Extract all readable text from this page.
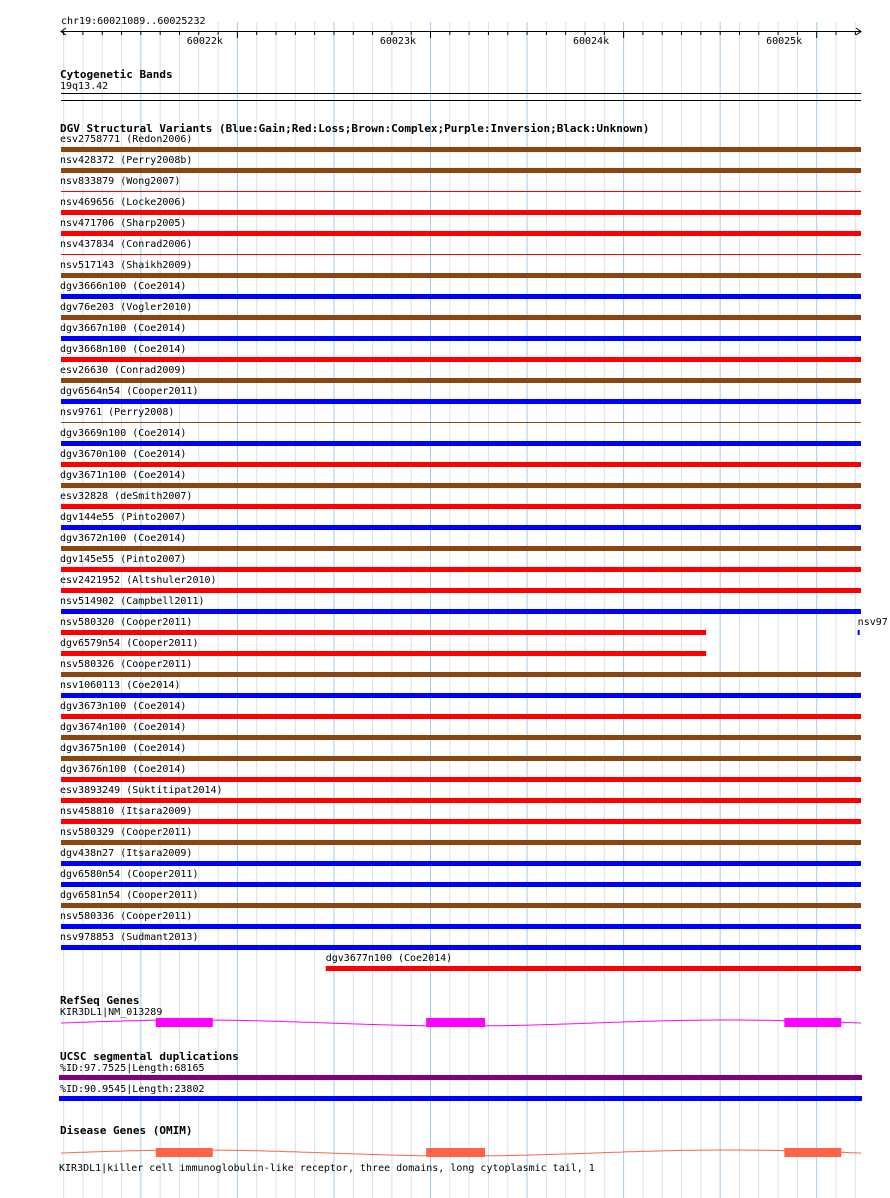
60022k	60023k	60024k	60025k
chr19:60021089..60025232
Cytogenetic Bands
19q13.42
DGV Structural Variants (Blue:Gain;Red:Loss;Brown:Complex;Purple:Inversion;Black:Unknown)
esv2758771 (Redon2006)
nsv428372 (Perry2008b)
nsv833879 (Wong2007)
nsv469656 (Locke2006)
nsv471706 (Sharp2005)
nsv437834 (Conrad2006)
nsv517143 (Shaikh2009)
dgv3666n100 (Coe2014)
dgv76e203 (Vogler2010)
dgv3667n100 (Coe2014)
dgv3668n100 (Coe2014)
esv26630 (Conrad2009)
dgv6564n54 (Cooper2011)
nsv9761 (Perry2008)
dgv3669n100 (Coe2014)
dgv3670n100 (Coe2014)
dgv3671n100 (Coe2014)
esv32828 (deSmith2007)
dgv144e55 (Pinto2007)
dgv3672n100 (Coe2014)
dgv145e55 (Pinto2007)
esv2421952 (Altshuler2010)
nsv514902 (Campbell2011)
nsv580320 (Cooper2011)	nsv97
dgv6579n54 (Cooper2011)
nsv580326 (Cooper2011)
nsv1060113 (Coe2014)
dgv3673n100 (Coe2014)
dgv3674n100 (Coe2014)
dgv3675n100 (Coe2014)
dgv3676n100 (Coe2014)
esv3893249 (Suktitipat2014)
nsv458810 (Itsara2009)
nsv580329 (Cooper2011)
dgv438n27 (Itsara2009)
dgv6580n54 (Cooper2011)
dgv6581n54 (Cooper2011)
nsv580336 (Cooper2011)
nsv978853 (Sudmant2013)
dgv3677n100 (Coe2014)
RefSeq Genes
KIR3DL1|NM_013289
UCSC segmental duplications
%ID:97.7525|Length:68165
%ID:90.9545|Length:23802
Disease Genes (OMIM)
KIR3DL1|killer cell immunoglobulin-like receptor, three domains, long cytoplasmic tail, 1
